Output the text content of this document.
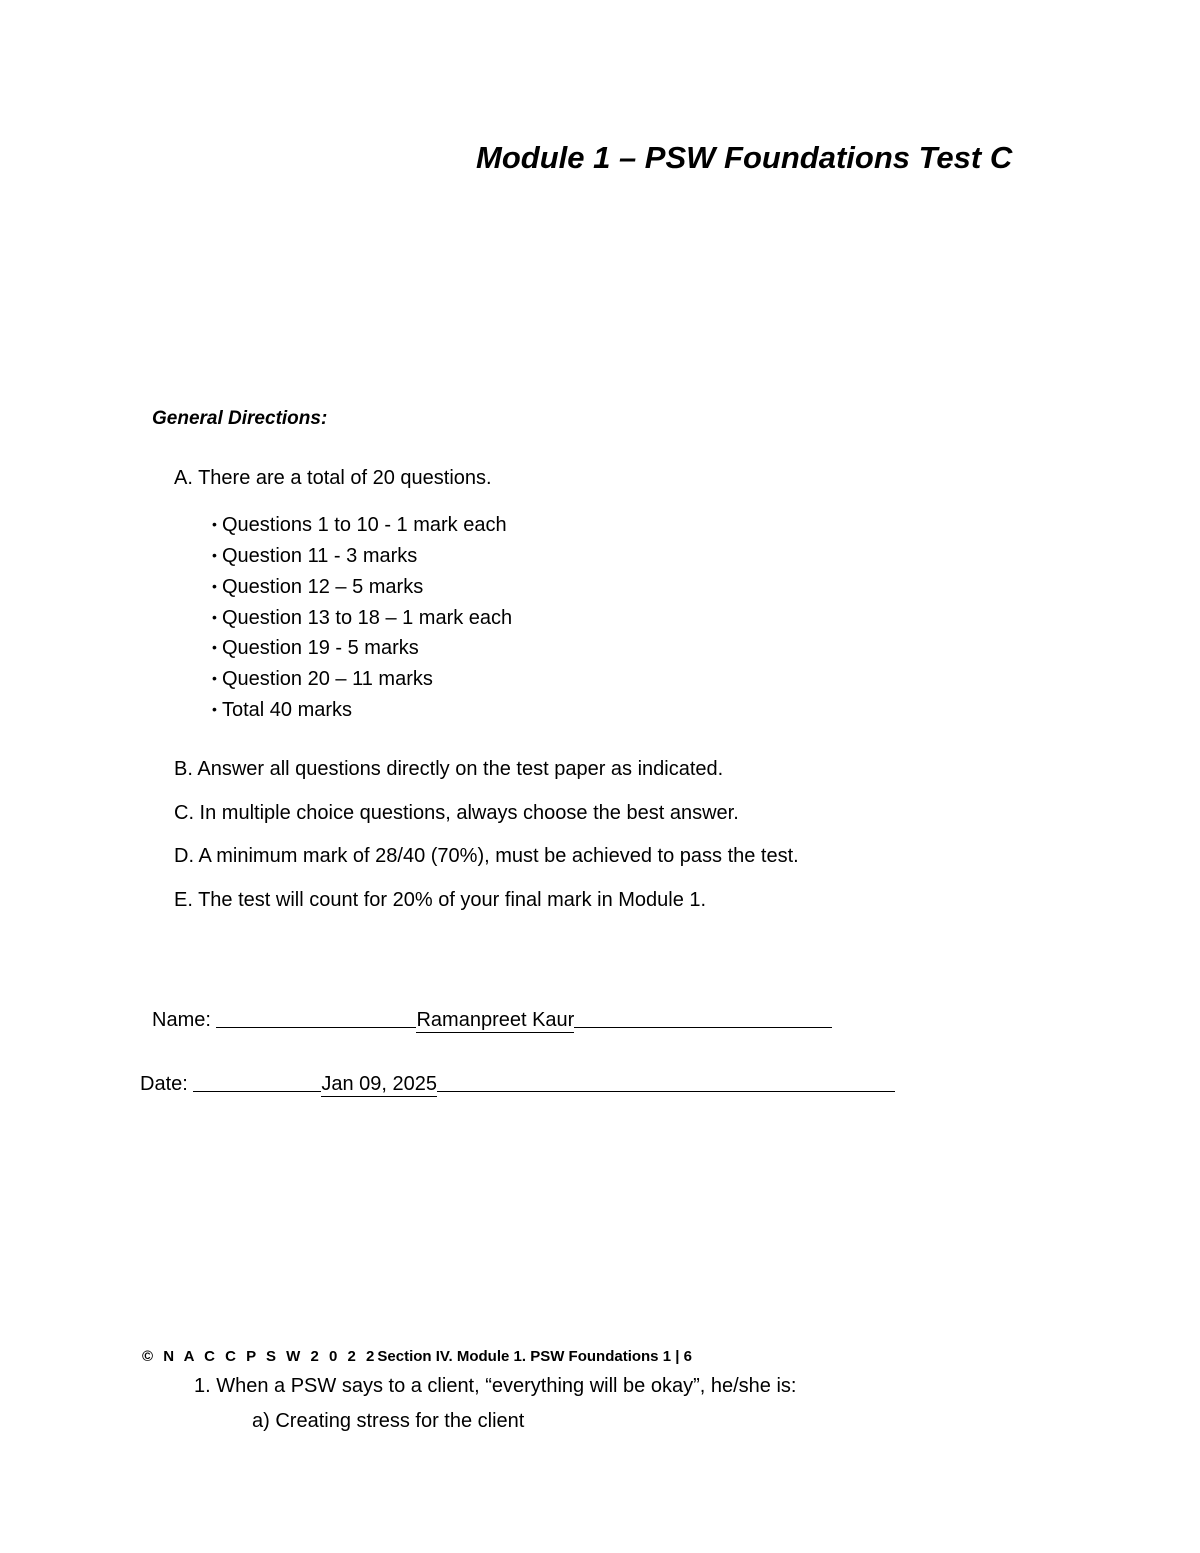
Module 1 – PSW Foundations Test C
General Directions:
A. There are a total of 20 questions.
• Questions 1 to 10 - 1 mark each
• Question 11 - 3 marks
• Question 12 – 5 marks
• Question 13 to 18 – 1 mark each
• Question 19 - 5 marks
• Question 20 – 11 marks
• Total 40 marks
B. Answer all questions directly on the test paper as indicated.
C. In multiple choice questions, always choose the best answer.
D. A minimum mark of 28/40 (70%), must be achieved to pass the test.
E. The test will count for 20% of your final mark in Module 1.
Name:	Ramanpreet Kaur
Date:	Jan 09, 2025
© N A C C P S W 2 0 2 2Section IV. Module 1. PSW Foundations 1 | 6
1. When a PSW says to a client, “everything will be okay”, he/she is:
a) Creating stress for the client
